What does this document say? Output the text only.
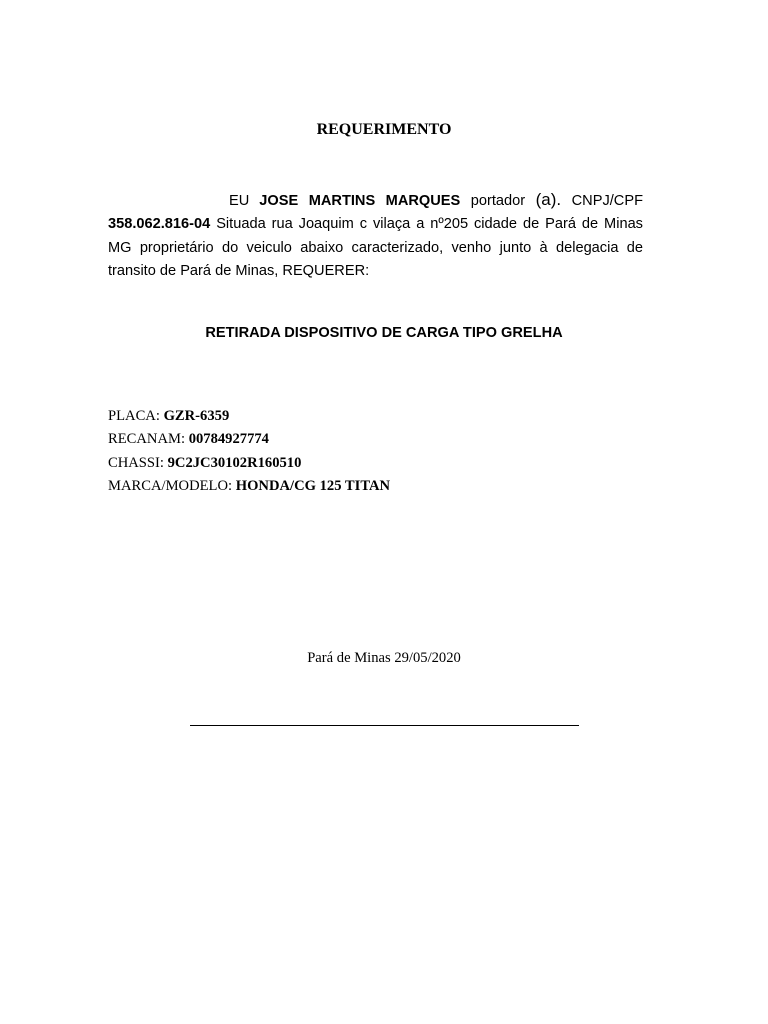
REQUERIMENTO
EU JOSE MARTINS MARQUES portador (a). CNPJ/CPF 358.062.816-04 Situada rua Joaquim c vilaça a nº205 cidade de Pará de Minas MG proprietário do veiculo abaixo caracterizado, venho junto à delegacia de transito de Pará de Minas, REQUERER:
RETIRADA DISPOSITIVO DE CARGA TIPO GRELHA
PLACA: GZR-6359
RECANAM: 00784927774
CHASSI: 9C2JC30102R160510
MARCA/MODELO: HONDA/CG 125 TITAN
Pará de Minas 29/05/2020
